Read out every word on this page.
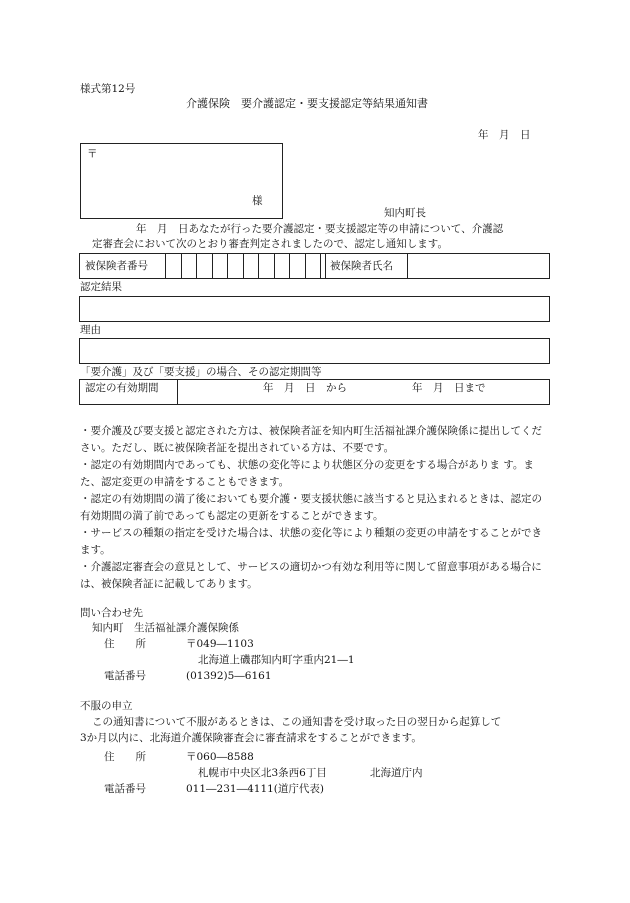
様式第12号
介護保険　要介護認定・要支援認定等結果通知書
年　月　日
〒
様
知内町長
年　月　日あなたが行った要介護認定・要支援認定等の申請について、介護認
定審査会において次のとおり審査判定されましたので、認定し通知します。
被保険者番号	被保険者氏名
認定結果
理由
「要介護」及び「要支援」の場合、その認定期間等
認定の有効期間	年　月　日　から	年　月　日まで
・要介護及び要支援と認定された方は、被保険者証を知内町生活福祉課介護保険係に提出してください。ただし、既に被保険者証を提出されている方は、不要です。
・認定の有効期間内であっても、状態の変化等により状態区分の変更をする場合がありま す。また、認定変更の申請をすることもできます。
・認定の有効期間の満了後においても要介護・要支援状態に該当すると見込まれるときは、認定の有効期間の満了前であっても認定の更新をすることができます。
・サービスの種類の指定を受けた場合は、状態の変化等により種類の変更の申請をすることができます。
・介護認定審査会の意見として、サービスの適切かつ有効な利用等に関して留意事項がある場合には、被保険者証に記載してあります。
問い合わせ先
知内町　生活福祉課介護保険係
住　　所	〒049―1103
北海道上磯郡知内町字重内21―1
電話番号	(01392)5―6161
不服の申立
この通知書について不服があるときは、この通知書を受け取った日の翌日から起算して
3か月以内に、北海道介護保険審査会に審査請求をすることができます。
住　　所	〒060―8588
札幌市中央区北3条西6丁目	北海道庁内
電話番号	011―231―4111(道庁代表)
